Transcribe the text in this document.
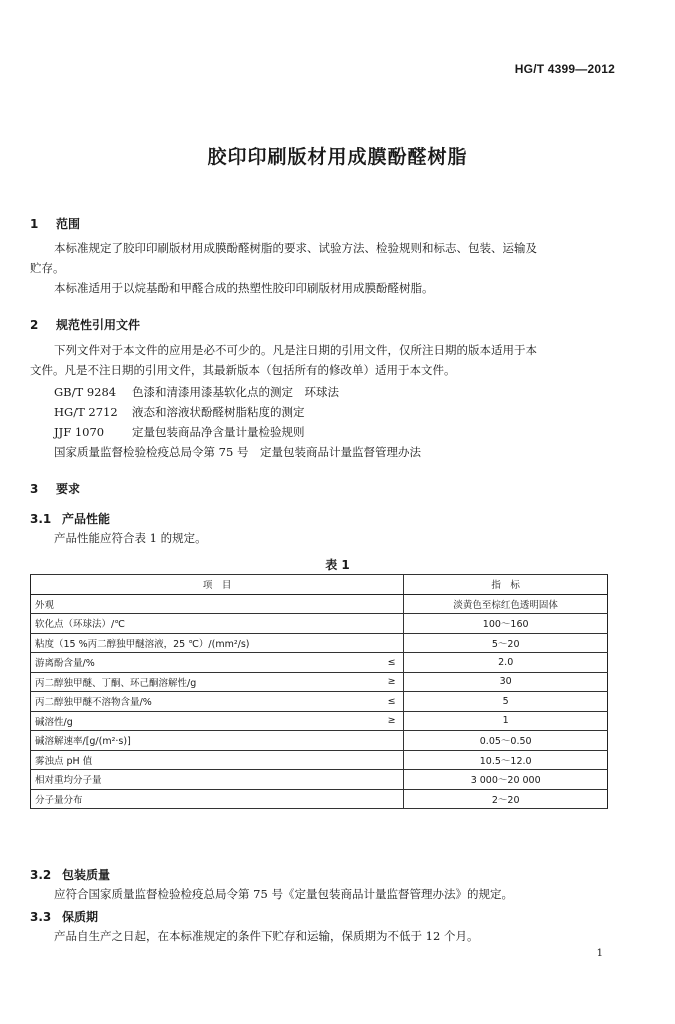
HG/T 4399—2012
胶印印刷版材用成膜酚醛树脂
1 范围
本标准规定了胶印印刷版材用成膜酚醛树脂的要求、试验方法、检验规则和标志、包装、运输及
贮存。
本标准适用于以烷基酚和甲醛合成的热塑性胶印印刷版材用成膜酚醛树脂。
2 规范性引用文件
下列文件对于本文件的应用是必不可少的。凡是注日期的引用文件，仅所注日期的版本适用于本
文件。凡是不注日期的引用文件，其最新版本（包括所有的修改单）适用于本文件。
GB/T 9284 色漆和清漆用漆基软化点的测定　环球法
HG/T 2712 液态和溶液状酚醛树脂粘度的测定
JJF 1070 定量包装商品净含量计量检验规则
国家质量监督检验检疫总局令第 75 号　定量包装商品计量监督管理办法
3 要求
3.1 产品性能
产品性能应符合表 1 的规定。
表 1
项　目		指　标
外观		淡黄色至棕红色透明固体
软化点（环球法）/℃		100～160
粘度（15 %丙二醇独甲醚溶液，25 ℃）/(mm²/s)		5～20
游离酚含量/%	≤	2.0
丙二醇独甲醚、丁酮、环己酮溶解性/g	≥	30
丙二醇独甲醚不溶物含量/%	≤	5
碱溶性/g	≥	1
碱溶解速率/[g/(m²·s)]		0.05～0.50
雾浊点 pH 值		10.5～12.0
相对重均分子量		3 000～20 000
分子量分布		2～20
3.2 包装质量
应符合国家质量监督检验检疫总局令第 75 号《定量包装商品计量监督管理办法》的规定。
3.3 保质期
产品自生产之日起，在本标准规定的条件下贮存和运输，保质期为不低于 12 个月。
1
